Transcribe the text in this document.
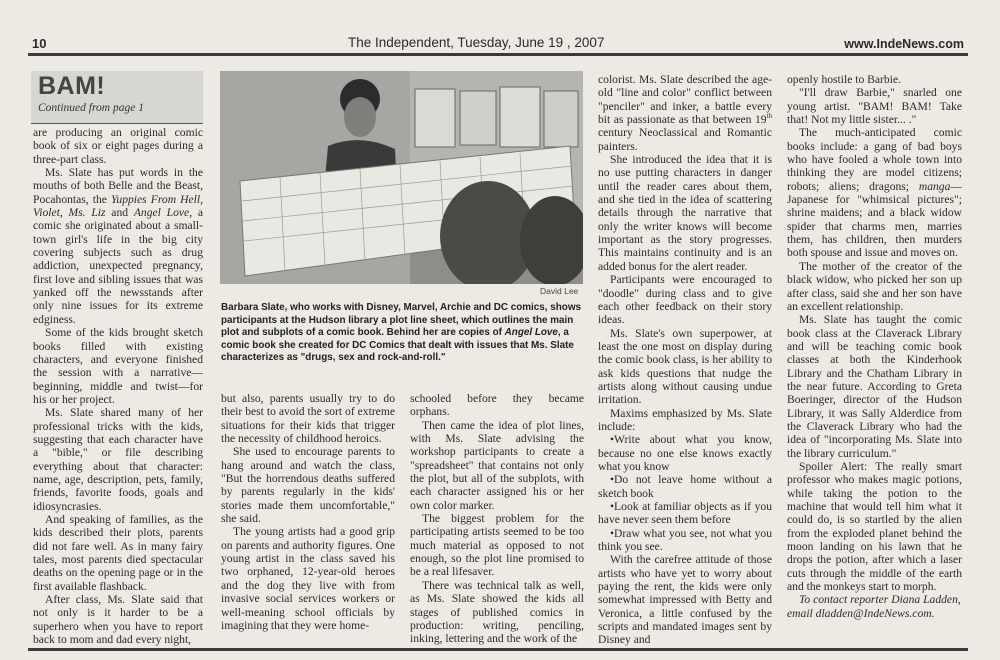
10	The Independent, Tuesday, June 19 , 2007	www.IndeNews.com
BAM!
Continued from page 1
David Lee
Barbara Slate, who works with Disney, Marvel, Archie and DC comics, shows participants at the Hudson library a plot line sheet, which outlines the main plot and subplots of a comic book. Behind her are copies of Angel Love, a comic book she created for DC Comics that dealt with issues that Ms. Slate characterizes as "drugs, sex and rock-and-roll."

are producing an original comic book of six or eight pages during a three-part class.

Ms. Slate has put words in the mouths of both Belle and the Beast, Pocahontas, the Yuppies From Hell, Violet, Ms. Liz and Angel Love, a comic she originated about a small-town girl's life in the big city covering subjects such as drug addiction, unexpected pregnancy, first love and sibling issues that was yanked off the newsstands after only nine issues for its extreme edginess.

Some of the kids brought sketch books filled with existing characters, and everyone finished the session with a narrative—beginning, middle and twist—for his or her project.

Ms. Slate shared many of her professional tricks with the kids, suggesting that each character have a "bible," or file describing everything about that character: name, age, description, pets, family, friends, favorite foods, goals and idiosyncrasies.

And speaking of families, as the kids described their plots, parents did not fare well. As in many fairy tales, most parents died spectacular deaths on the opening page or in the first available flashback.

After class, Ms. Slate said that not only is it harder to be a superhero when you have to report back to mom and dad every night,

but also, parents usually try to do their best to avoid the sort of extreme situations for their kids that trigger the necessity of childhood heroics.

She used to encourage parents to hang around and watch the class, "But the horrendous deaths suffered by parents regularly in the kids' stories made them uncomfortable," she said.

The young artists had a good grip on parents and authority figures. One young artist in the class saved his two orphaned, 12-year-old heroes and the dog they live with from invasive social services workers or well-meaning school officials by imagining that they were home-

schooled before they became orphans.

Then came the idea of plot lines, with Ms. Slate advising the workshop participants to create a "spreadsheet" that contains not only the plot, but all of the subplots, with each character assigned his or her own color marker.

The biggest problem for the participating artists seemed to be too much material as opposed to not enough, so the plot line promised to be a real lifesaver.

There was technical talk as well, as Ms. Slate showed the kids all stages of published comics in production: writing, penciling, inking, lettering and the work of the

colorist. Ms. Slate described the age-old "line and color" conflict between "penciler" and inker, a battle every bit as passionate as that between 19th century Neoclassical and Romantic painters.

She introduced the idea that it is no use putting characters in danger until the reader cares about them, and she tied in the idea of scattering details through the narrative that only the writer knows will become important as the story progresses. This maintains continuity and is an added bonus for the alert reader.

Participants were encouraged to "doodle" during class and to give each other feedback on their story ideas.

Ms. Slate's own superpower, at least the one most on display during the comic book class, is her ability to ask kids questions that nudge the artists along without causing undue irritation.

Maxims emphasized by Ms. Slate include:

•Write about what you know, because no one else knows exactly what you know

•Do not leave home without a sketch book

•Look at familiar objects as if you have never seen them before

•Draw what you see, not what you think you see.

With the carefree attitude of those artists who have yet to worry about paying the rent, the kids were only somewhat impressed with Betty and Veronica, a little confused by the scripts and mandated images sent by Disney and

openly hostile to Barbie.

"I'll draw Barbie," snarled one young artist. "BAM! BAM! Take that! Not my little sister... ."

The much-anticipated comic books include: a gang of bad boys who have fooled a whole town into thinking they are model citizens; robots; aliens; dragons; manga—Japanese for "whimsical pictures"; shrine maidens; and a black widow spider that charms men, marries them, has children, then murders both spouse and issue and moves on.

The mother of the creator of the black widow, who picked her son up after class, said she and her son have an excellent relationship.

Ms. Slate has taught the comic book class at the Claverack Library and will be teaching comic book classes at both the Kinderhook Library and the Chatham Library in the near future. According to Greta Boeringer, director of the Hudson Library, it was Sally Alderdice from the Claverack Library who had the idea of "incorporating Ms. Slate into the library curriculum."

Spoiler Alert: The really smart professor who makes magic potions, while taking the potion to the machine that would tell him what it could do, is so startled by the alien from the exploded planet behind the moon landing on his lawn that he drops the potion, after which a laser cuts through the middle of the earth and the monkeys start to morph.

To contact reporter Diana Ladden,

email dladden@IndeNews.com.
